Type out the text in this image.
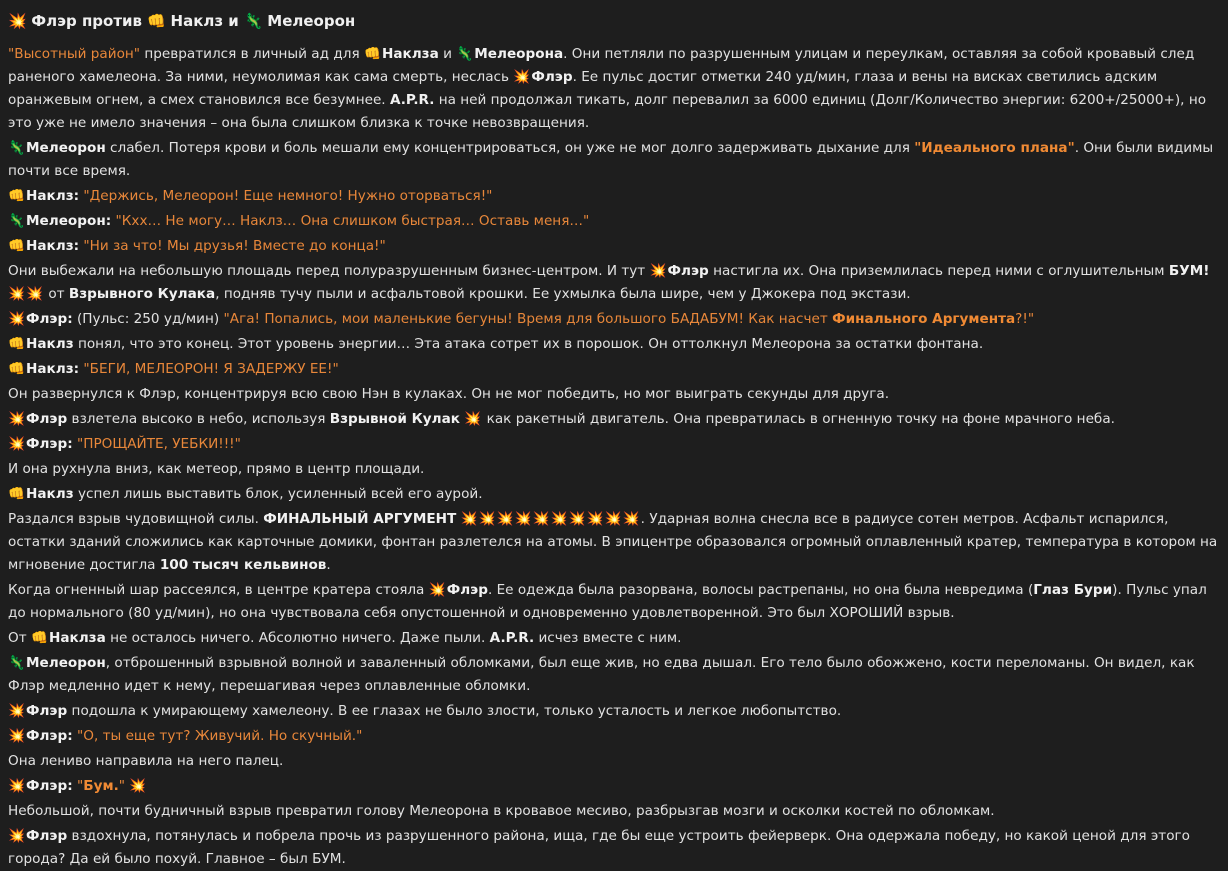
💥 Флэр против 👊 Наклз и 🦎 Мелеорон

"Высотный район" превратился в личный ад для 👊Наклза и 🦎Мелеорона. Они петляли по разрушенным улицам и переулкам, оставляя за собой кровавый след раненого хамелеона. За ними, неумолимая как сама смерть, неслась 💥Флэр. Ее пульс достиг отметки 240 уд/мин, глаза и вены на висках светились адским оранжевым огнем, а смех становился все безумнее. A.P.R. на ней продолжал тикать, долг перевалил за 6000 единиц (Долг/Количество энергии: 6200+/25000+), но это уже не имело значения – она была слишком близка к точке невозвращения.

🦎Мелеорон слабел. Потеря крови и боль мешали ему концентрироваться, он уже не мог долго задерживать дыхание для "Идеального плана". Они были видимы почти все время.

👊Наклз: "Держись, Мелеорон! Еще немного! Нужно оторваться!"

🦎Мелеорон: "Кхх… Не могу… Наклз… Она слишком быстрая… Оставь меня…"

👊Наклз: "Ни за что! Мы друзья! Вместе до конца!"

Они выбежали на небольшую площадь перед полуразрушенным бизнес-центром. И тут 💥Флэр настигла их. Она приземлилась перед ними с оглушительным БУМ! 💥💥 от Взрывного Кулака, подняв тучу пыли и асфальтовой крошки. Ее ухмылка была шире, чем у Джокера под экстази.

💥Флэр: (Пульс: 250 уд/мин) "Ага! Попались, мои маленькие бегуны! Время для большого БАДАБУМ! Как насчет Финального Аргумента?!"

👊Наклз понял, что это конец. Этот уровень энергии… Эта атака сотрет их в порошок. Он оттолкнул Мелеорона за остатки фонтана.

👊Наклз: "БЕГИ, МЕЛЕОРОН! Я ЗАДЕРЖУ ЕЕ!"

Он развернулся к Флэр, концентрируя всю свою Нэн в кулаках. Он не мог победить, но мог выиграть секунды для друга.

💥Флэр взлетела высоко в небо, используя Взрывной Кулак 💥 как ракетный двигатель. Она превратилась в огненную точку на фоне мрачного неба.

💥Флэр: "ПРОЩАЙТЕ, УЕБКИ!!!"

И она рухнула вниз, как метеор, прямо в центр площади.

👊Наклз успел лишь выставить блок, усиленный всей его аурой.

Раздался взрыв чудовищной силы. ФИНАЛЬНЫЙ АРГУМЕНТ 💥💥💥💥💥💥💥💥💥💥. Ударная волна снесла все в радиусе сотен метров. Асфальт испарился, остатки зданий сложились как карточные домики, фонтан разлетелся на атомы. В эпицентре образовался огромный оплавленный кратер, температура в котором на мгновение достигла 100 тысяч кельвинов.

Когда огненный шар рассеялся, в центре кратера стояла 💥Флэр. Ее одежда была разорвана, волосы растрепаны, но она была невредима (Глаз Бури). Пульс упал до нормального (80 уд/мин), но она чувствовала себя опустошенной и одновременно удовлетворенной. Это был ХОРОШИЙ взрыв.

От 👊Наклза не осталось ничего. Абсолютно ничего. Даже пыли. A.P.R. исчез вместе с ним.

🦎Мелеорон, отброшенный взрывной волной и заваленный обломками, был еще жив, но едва дышал. Его тело было обожжено, кости переломаны. Он видел, как Флэр медленно идет к нему, перешагивая через оплавленные обломки.

💥Флэр подошла к умирающему хамелеону. В ее глазах не было злости, только усталость и легкое любопытство.

💥Флэр: "О, ты еще тут? Живучий. Но скучный."

Она лениво направила на него палец.

💥Флэр: "Бум." 💥

Небольшой, почти будничный взрыв превратил голову Мелеорона в кровавое месиво, разбрызгав мозги и осколки костей по обломкам.

💥Флэр вздохнула, потянулась и побрела прочь из разрушенного района, ища, где бы еще устроить фейерверк. Она одержала победу, но какой ценой для этого города? Да ей было похуй. Главное – был БУМ.
